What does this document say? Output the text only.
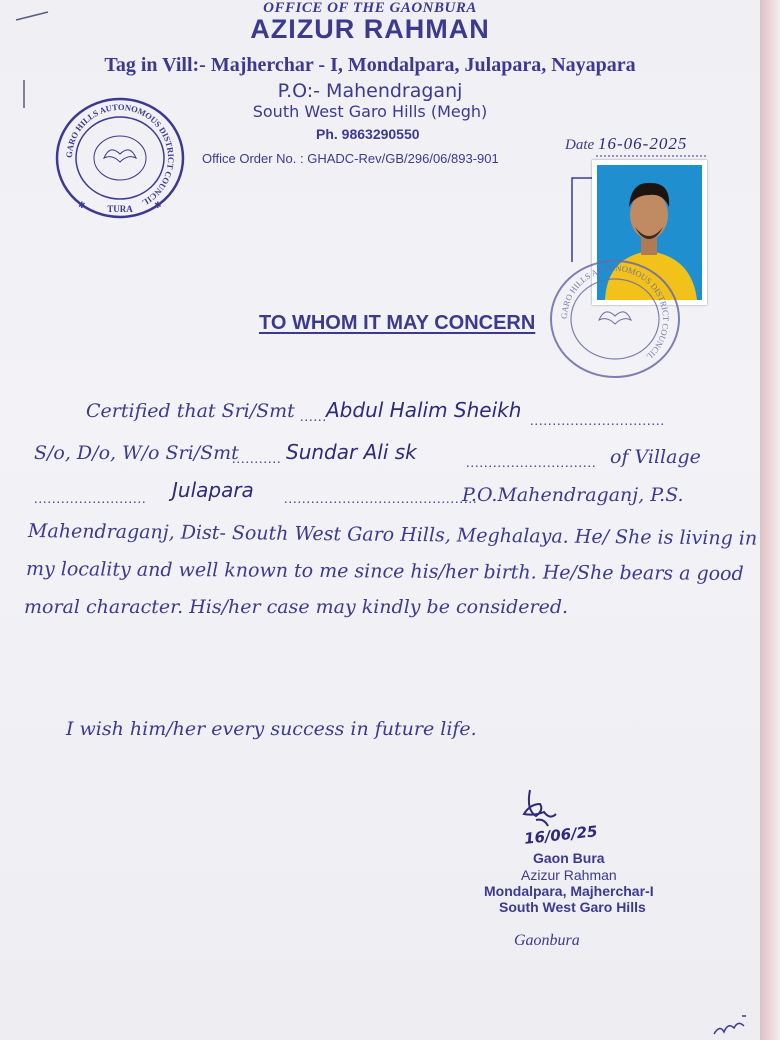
OFFICE OF THE GAONBURA
AZIZUR RAHMAN
Tag in Vill:- Majherchar - I, Mondalpara, Julapara, Nayapara
P.O:- Mahendraganj
South West Garo Hills (Megh)
Ph. 9863290550
Office Order No. : GHADC-Rev/GB/296/06/893-901
Date 16-06-2025
GARO HILLS AUTONOMOUS DISTRICT COUNCIL
TURA
✱	✱
GARO HILLS AUTONOMOUS DISTRICT COUNCIL
TO WHOM IT MAY CONCERN
Certified that Sri/Smt ...... Abdul Halim Sheikh ..............................
S/o, D/o, W/o Sri/Smt
........... Sundar Ali sk	............................. of Village
......................... Julapara ...........................................
P.O.Mahendraganj, P.S.
Mahendraganj, Dist- South West Garo Hills, Meghalaya. He/ She is living in
my locality and well known to me since his/her birth. He/She bears a good
moral character. His/her case may kindly be considered.
I wish him/her every success in future life.
16/06/25
Gaon Bura
Azizur Rahman
Mondalpara, Majherchar-I
South West Garo Hills
Gaonbura
